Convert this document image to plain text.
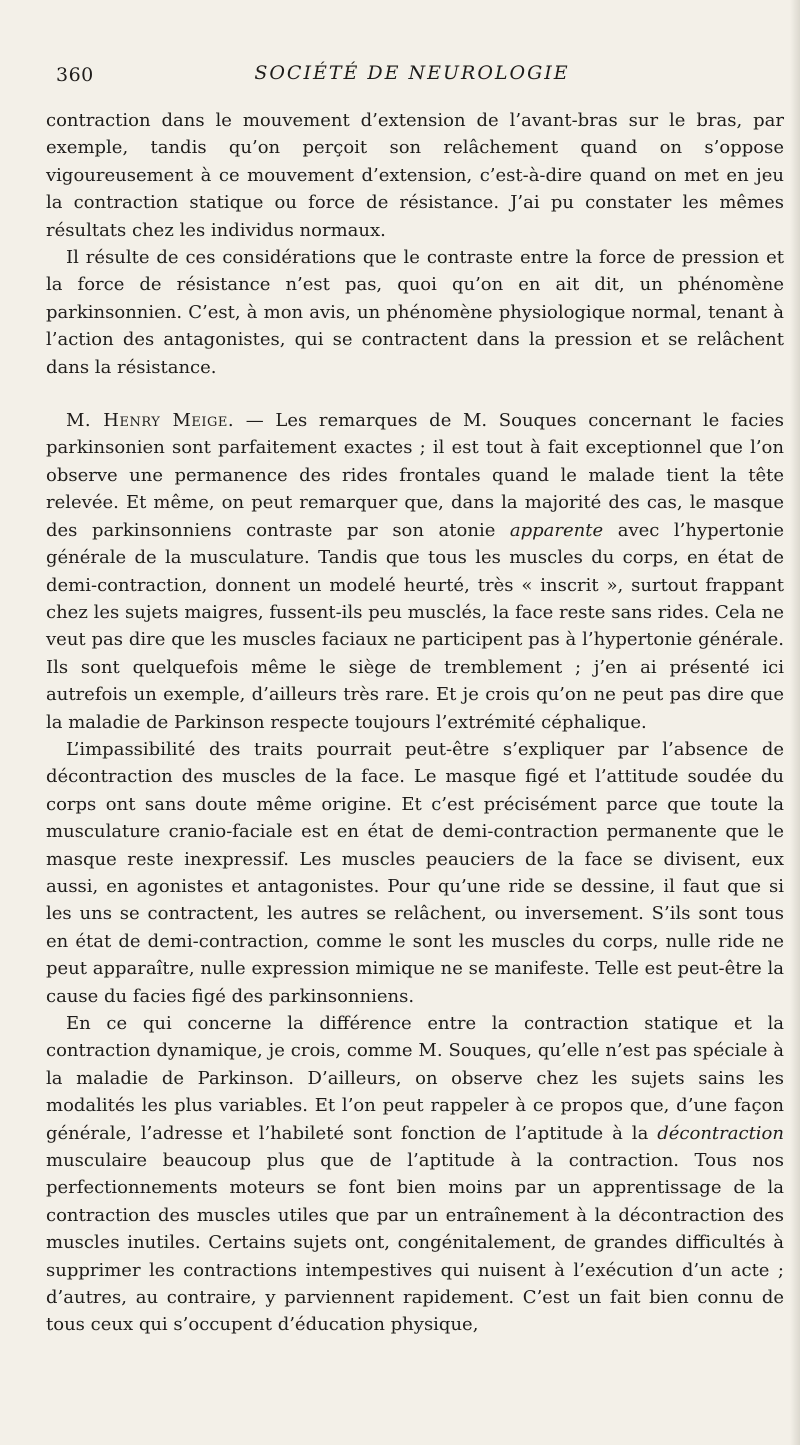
360	SOCIÉTÉ DE NEUROLOGIE

contraction dans le mouvement d’extension de l’avant-bras sur le bras, par exemple, tandis qu’on perçoit son relâchement quand on s’oppose vigoureusement à ce mouvement d’extension, c’est-à-dire quand on met en jeu la contraction statique ou force de résistance. J’ai pu constater les mêmes résultats chez les individus normaux.

Il résulte de ces considérations que le contraste entre la force de pression et la force de résistance n’est pas, quoi qu’on en ait dit, un phénomène parkinsonnien. C’est, à mon avis, un phénomène physiologique normal, tenant à l’action des antagonistes, qui se contractent dans la pression et se relâchent dans la résistance.

M. Henry Meige. — Les remarques de M. Souques concernant le facies parkinsonien sont parfaitement exactes ; il est tout à fait exceptionnel que l’on observe une permanence des rides frontales quand le malade tient la tête relevée. Et même, on peut remarquer que, dans la majorité des cas, le masque des parkinsonniens contraste par son atonie apparente avec l’hypertonie générale de la musculature. Tandis que tous les muscles du corps, en état de demi-contraction, donnent un modelé heurté, très « inscrit », surtout frappant chez les sujets maigres, fussent-ils peu musclés, la face reste sans rides. Cela ne veut pas dire que les muscles faciaux ne participent pas à l’hypertonie générale. Ils sont quelquefois même le siège de tremblement ; j’en ai présenté ici autrefois un exemple, d’ailleurs très rare. Et je crois qu’on ne peut pas dire que la maladie de Parkinson respecte toujours l’extrémité céphalique.

L’impassibilité des traits pourrait peut-être s’expliquer par l’absence de décontraction des muscles de la face. Le masque figé et l’attitude soudée du corps ont sans doute même origine. Et c’est précisément parce que toute la musculature cranio-faciale est en état de demi-contraction permanente que le masque reste inexpressif. Les muscles peauciers de la face se divisent, eux aussi, en agonistes et antagonistes. Pour qu’une ride se dessine, il faut que si les uns se contractent, les autres se relâchent, ou inversement. S’ils sont tous en état de demi-contraction, comme le sont les muscles du corps, nulle ride ne peut apparaître, nulle expression mimique ne se manifeste. Telle est peut-être la cause du facies figé des parkinsonniens.

En ce qui concerne la différence entre la contraction statique et la contraction dynamique, je crois, comme M. Souques, qu’elle n’est pas spéciale à la maladie de Parkinson. D’ailleurs, on observe chez les sujets sains les modalités les plus variables. Et l’on peut rappeler à ce propos que, d’une façon générale, l’adresse et l’habileté sont fonction de l’aptitude à la décontraction musculaire beaucoup plus que de l’aptitude à la contraction. Tous nos perfectionnements moteurs se font bien moins par un apprentissage de la contraction des muscles utiles que par un entraînement à la décontraction des muscles inutiles. Certains sujets ont, congénitalement, de grandes difficultés à supprimer les contractions intempestives qui nuisent à l’exécution d’un acte ; d’autres, au contraire, y parviennent rapidement. C’est un fait bien connu de tous ceux qui s’occupent d’éducation physique,
